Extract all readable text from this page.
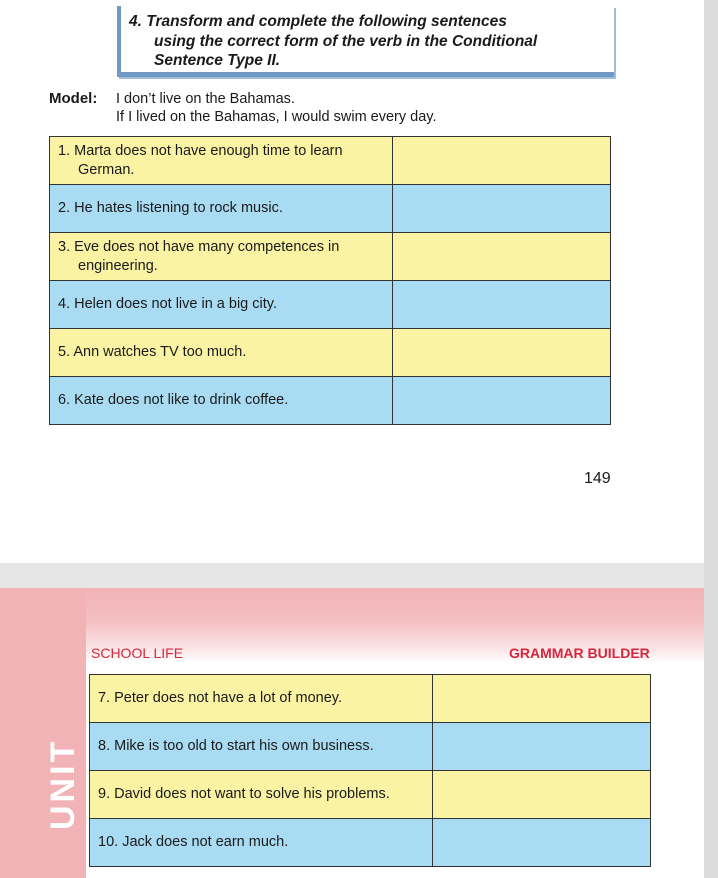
4. Transform and complete the following sentences
using the correct form of the verb in the Conditional
Sentence Type II.
Model: I don’t live on the Bahamas.
If I lived on the Bahamas, I would swim every day.
1. Marta does not have enough time to learn German.	

2. He hates listening to rock music.	

3. Eve does not have many competences in engineering.	

4. Helen does not live in a big city.	

5. Ann watches TV too much.	

6. Kate does not like to drink coffee.	

149
UNIT
SCHOOL LIFE	GRAMMAR BUILDER
7. Peter does not have a lot of money.	

8. Mike is too old to start his own business.	

9. David does not want to solve his problems.	

10. Jack does not earn much.	
